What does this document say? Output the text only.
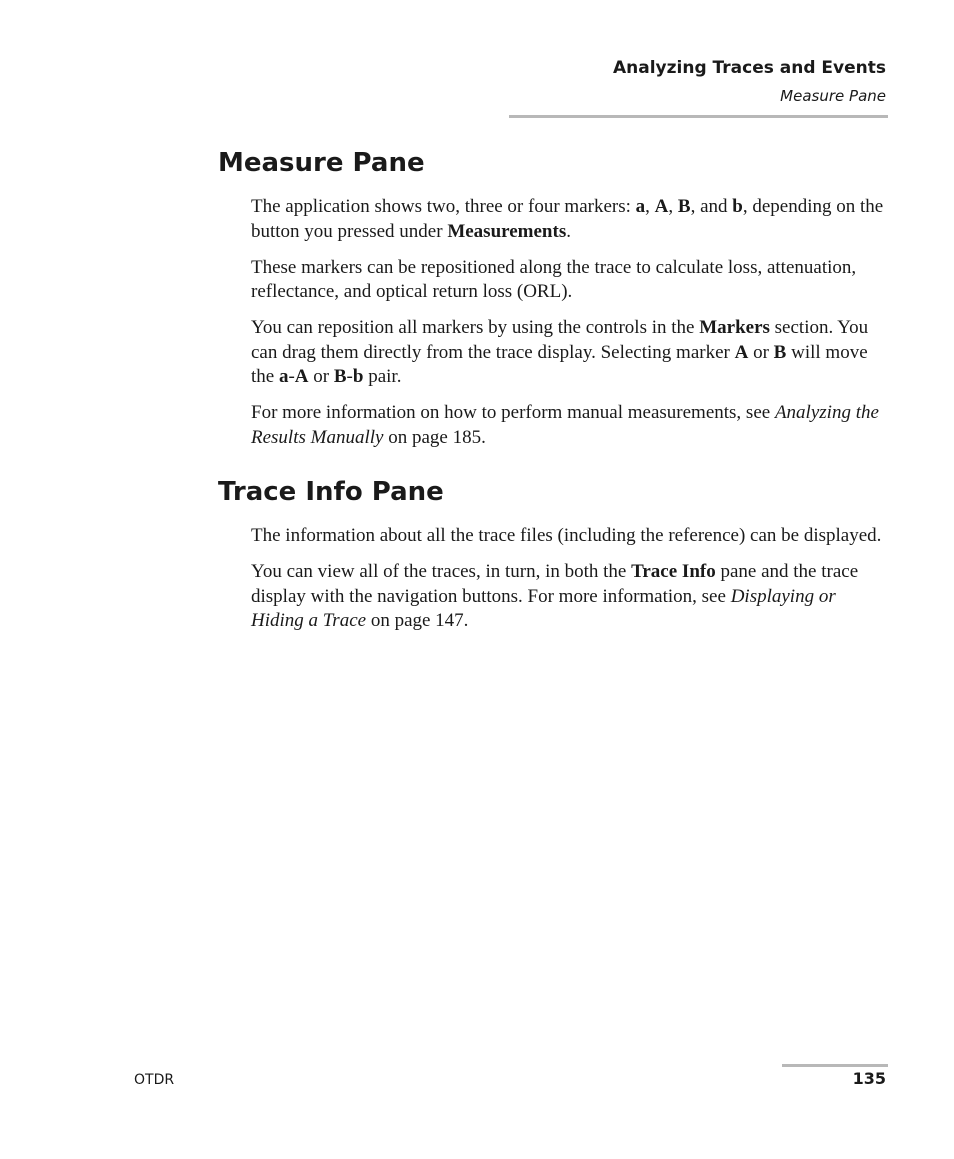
Analyzing Traces and Events
Measure Pane
Measure Pane

The application shows two, three or four markers: a, A, B, and b, depending on the button you pressed under Measurements.

These markers can be repositioned along the trace to calculate loss, attenuation, reflectance, and optical return loss (ORL).

You can reposition all markers by using the controls in the Markers section. You can drag them directly from the trace display. Selecting marker A or B will move the a-A or B-b pair.

For more information on how to perform manual measurements, see Analyzing the Results Manually on page 185.

Trace Info Pane

The information about all the trace files (including the reference) can be displayed.

You can view all of the traces, in turn, in both the Trace Info pane and the trace display with the navigation buttons. For more information, see Displaying or Hiding a Trace on page 147.

OTDR	135
